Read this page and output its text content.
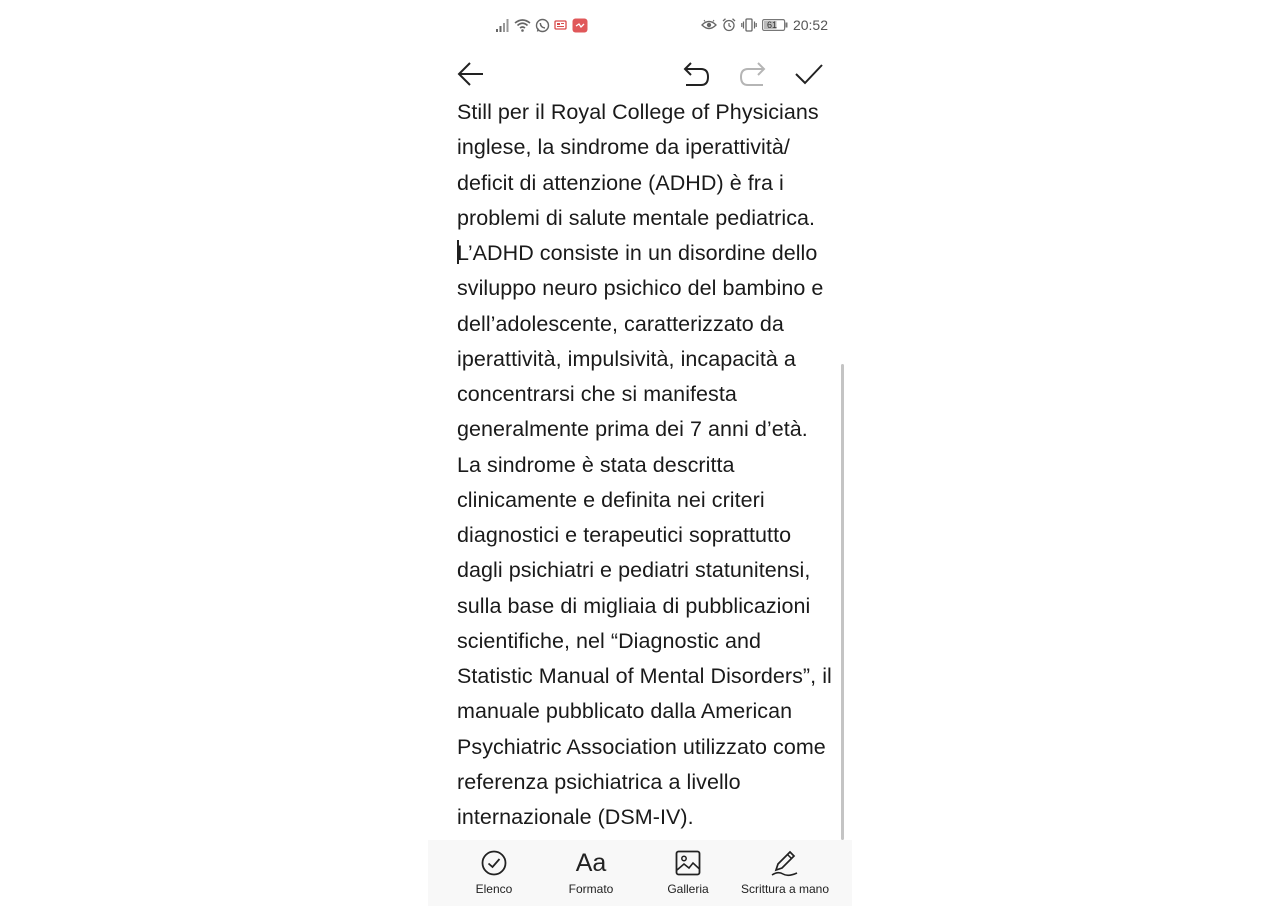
61 20:52

Still per il Royal College of Physicians inglese, la sindrome da iperattività/ deficit di attenzione (ADHD) è fra i problemi di salute mentale pediatrica.
L’ADHD consiste in un disordine dello sviluppo neuro psichico del bambino e dell’adolescente, caratterizzato da iperattività, impulsività, incapacità a concentrarsi che si manifesta generalmente prima dei 7 anni d’età. La sindrome è stata descritta clinicamente e definita nei criteri diagnostici e terapeutici soprattutto dagli psichiatri e pediatri statunitensi, sulla base di migliaia di pubblicazioni scientifiche, nel “Diagnostic and Statistic Manual of Mental Disorders”, il manuale pubblicato dalla American Psychiatric Association utilizzato come referenza psichiatrica a livello internazionale (DSM-IV).

Elenco
Aa
Formato	Galleria	Scrittura a mano
